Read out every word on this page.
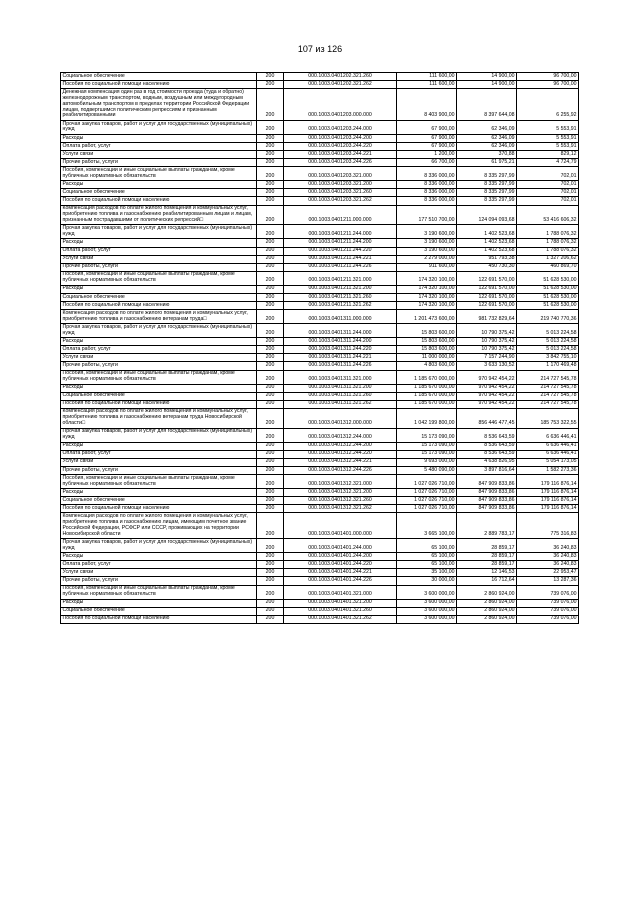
107 из 126
Социальное обеспечение	200	000.1003.0401202.321.260	111 600,00	14 900,00	96 700,00
Пособия по социальной помощи населению	200	000.1003.0401202.321.262	111 600,00	14 900,00	96 700,00
Денежная компенсация один раз в год стоимости проезда (туда и обратно) железнодорожным транспортом, водным, воздушным или междугородным автомобильным транспортом в пределах территории Российской Федерации лицам, подвергшимся политическим репрессиям и признанным реабилитированными	200	000.1003.0401203.000.000	8 403 900,00	8 397 644,08	6 255,92
Прочая закупка товаров, работ и услуг для государственных (муниципальных) нужд	200	000.1003.0401203.244.000	67 900,00	62 346,09	5 553,91
Расходы	200	000.1003.0401203.244.200	67 900,00	62 346,09	5 553,91
Оплата работ, услуг	200	000.1003.0401203.244.220	67 900,00	62 346,09	5 553,91
Услуги связи	200	000.1003.0401203.244.221	1 200,00	370,88	829,12
Прочие работы, услуги	200	000.1003.0401203.244.226	66 700,00	61 975,21	4 724,79
Пособия, компенсации и иные социальные выплаты гражданам, кроме публичных нормативных обязательств	200	000.1003.0401203.321.000	8 336 000,00	8 335 297,99	702,01
Расходы	200	000.1003.0401203.321.200	8 336 000,00	8 335 297,99	702,01
Социальное обеспечение	200	000.1003.0401203.321.260	8 336 000,00	8 335 297,99	702,01
Пособия по социальной помощи населению	200	000.1003.0401203.321.262	8 336 000,00	8 335 297,99	702,01
Компенсация расходов по оплате жилого помещения и коммунальных услуг, приобретению топлива и газоснабжению реабилитированным лицам и лицам, признанным пострадавшими от политических репрессий□	200	000.1003.0401211.000.000	177 510 700,00	124 094 093,68	53 416 606,32
Прочая закупка товаров, работ и услуг для государственных (муниципальных) нужд	200	000.1003.0401211.244.000	3 190 600,00	1 402 523,68	1 788 076,32
Расходы	200	000.1003.0401211.244.200	3 190 600,00	1 402 523,68	1 788 076,32
Оплата работ, услуг	200	000.1003.0401211.244.220	3 190 600,00	1 402 523,68	1 788 076,32
Услуги связи	200	000.1003.0401211.244.221	2 279 000,00	951 793,38	1 327 206,62
Прочие работы, услуги	200	000.1003.0401211.244.226	911 600,00	450 730,30	460 869,70
Пособия, компенсации и иные социальные выплаты гражданам, кроме публичных нормативных обязательств	200	000.1003.0401211.321.000	174 320 100,00	122 691 570,00	51 628 530,00
Расходы	200	000.1003.0401211.321.200	174 320 100,00	122 691 570,00	51 628 530,00
Социальное обеспечение	200	000.1003.0401211.321.260	174 320 100,00	122 691 570,00	51 628 530,00
Пособия по социальной помощи населению	200	000.1003.0401211.321.262	174 320 100,00	122 691 570,00	51 628 530,00
Компенсация расходов по оплате жилого помещения и коммунальных услуг, приобретению топлива и газоснабжению ветеранам труда□	200	000.1003.0401311.000.000	1 201 473 600,00	981 732 829,64	219 740 770,36
Прочая закупка товаров, работ и услуг для государственных (муниципальных) нужд	200	000.1003.0401311.244.000	15 803 600,00	10 790 375,42	5 013 224,58
Расходы	200	000.1003.0401311.244.200	15 803 600,00	10 790 375,42	5 013 224,58
Оплата работ, услуг	200	000.1003.0401311.244.220	15 803 600,00	10 790 375,42	5 013 224,58
Услуги связи	200	000.1003.0401311.244.221	11 000 000,00	7 157 244,90	3 842 755,10
Прочие работы, услуги	200	000.1003.0401311.244.226	4 803 600,00	3 633 130,52	1 170 469,48
Пособия, компенсации и иные социальные выплаты гражданам, кроме публичных нормативных обязательств	200	000.1003.0401311.321.000	1 185 670 000,00	970 942 454,22	214 727 545,78
Расходы	200	000.1003.0401311.321.200	1 185 670 000,00	970 942 454,22	214 727 545,78
Социальное обеспечение	200	000.1003.0401311.321.260	1 185 670 000,00	970 942 454,22	214 727 545,78
Пособия по социальной помощи населению	200	000.1003.0401311.321.262	1 185 670 000,00	970 942 454,22	214 727 545,78
Компенсация расходов по оплате жилого помещения и коммунальных услуг, приобретению топлива и газоснабжению ветеранам труда Новосибирской области□	200	000.1003.0401312.000.000	1 042 199 800,00	856 446 477,45	185 753 322,55
Прочая закупка товаров, работ и услуг для государственных (муниципальных) нужд	200	000.1003.0401312.244.000	15 173 090,00	8 536 643,59	6 636 446,41
Расходы	200	000.1003.0401312.244.200	15 173 090,00	8 536 643,59	6 636 446,41
Оплата работ, услуг	200	000.1003.0401312.244.220	15 173 090,00	8 536 643,59	6 636 446,41
Услуги связи	200	000.1003.0401312.244.221	9 693 000,00	4 638 826,95	5 054 173,05
Прочие работы, услуги	200	000.1003.0401312.244.226	5 480 090,00	3 897 816,64	1 582 273,36
Пособия, компенсации и иные социальные выплаты гражданам, кроме публичных нормативных обязательств	200	000.1003.0401312.321.000	1 027 026 710,00	847 909 833,86	179 116 876,14
Расходы	200	000.1003.0401312.321.200	1 027 026 710,00	847 909 833,86	179 116 876,14
Социальное обеспечение	200	000.1003.0401312.321.260	1 027 026 710,00	847 909 833,86	179 116 876,14
Пособия по социальной помощи населению	200	000.1003.0401312.321.262	1 027 026 710,00	847 909 833,86	179 116 876,14
Компенсация расходов по оплате жилого помещения и коммунальных услуг, приобретению топлива и газоснабжению лицам, имеющим почетное звание Российской Федерации, РСФСР или СССР, проживающих на территории Новосибирской области	200	000.1003.0401401.000.000	3 665 100,00	2 889 783,17	775 316,83
Прочая закупка товаров, работ и услуг для государственных (муниципальных) нужд	200	000.1003.0401401.244.000	65 100,00	28 859,17	36 240,83
Расходы	200	000.1003.0401401.244.200	65 100,00	28 859,17	36 240,83
Оплата работ, услуг	200	000.1003.0401401.244.220	65 100,00	28 859,17	36 240,83
Услуги связи	200	000.1003.0401401.244.221	35 100,00	12 146,53	22 953,47
Прочие работы, услуги	200	000.1003.0401401.244.226	30 000,00	16 712,64	13 287,36
Пособия, компенсации и иные социальные выплаты гражданам, кроме публичных нормативных обязательств	200	000.1003.0401401.321.000	3 600 000,00	2 860 924,00	739 076,00
Расходы	200	000.1003.0401401.321.200	3 600 000,00	2 860 924,00	739 076,00
Социальное обеспечение	200	000.1003.0401401.321.260	3 600 000,00	2 860 924,00	739 076,00
Пособия по социальной помощи населению	200	000.1003.0401401.321.262	3 600 000,00	2 860 924,00	739 076,00
